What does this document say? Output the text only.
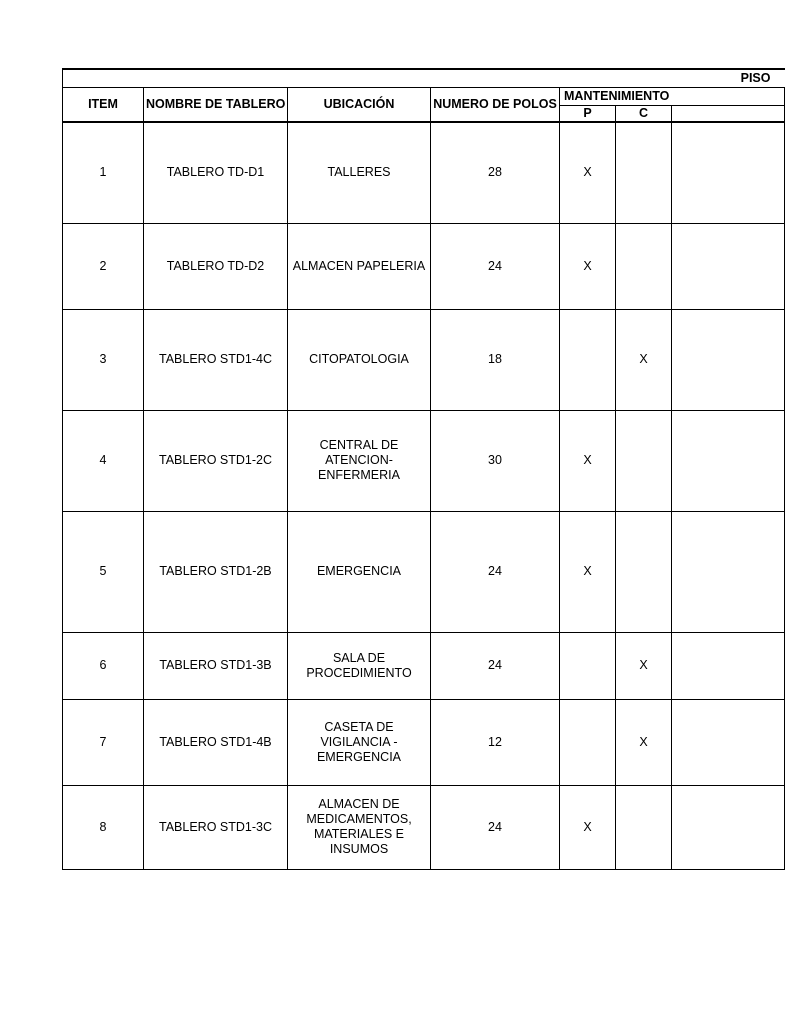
PISO						
ITEM	NOMBRE DE TABLERO	UBICACIÓN	NUMERO DE POLOS	MANTENIMIENTO		
				P	C	
1	TABLERO TD-D1	TALLERES	28	X		
2	TABLERO TD-D2	ALMACEN PAPELERIA	24	X		
3	TABLERO STD1-4C	CITOPATOLOGIA	18		X	
4	TABLERO STD1-2C	CENTRAL DE ATENCION-ENFERMERIA	30	X		
5	TABLERO STD1-2B	EMERGENCIA	24	X		
6	TABLERO STD1-3B	SALA DE PROCEDIMIENTO	24		X	
7	TABLERO STD1-4B	CASETA DE VIGILANCIA - EMERGENCIA	12		X	
8	TABLERO STD1-3C	ALMACEN DE MEDICAMENTOS, MATERIALES E INSUMOS	24	X		
